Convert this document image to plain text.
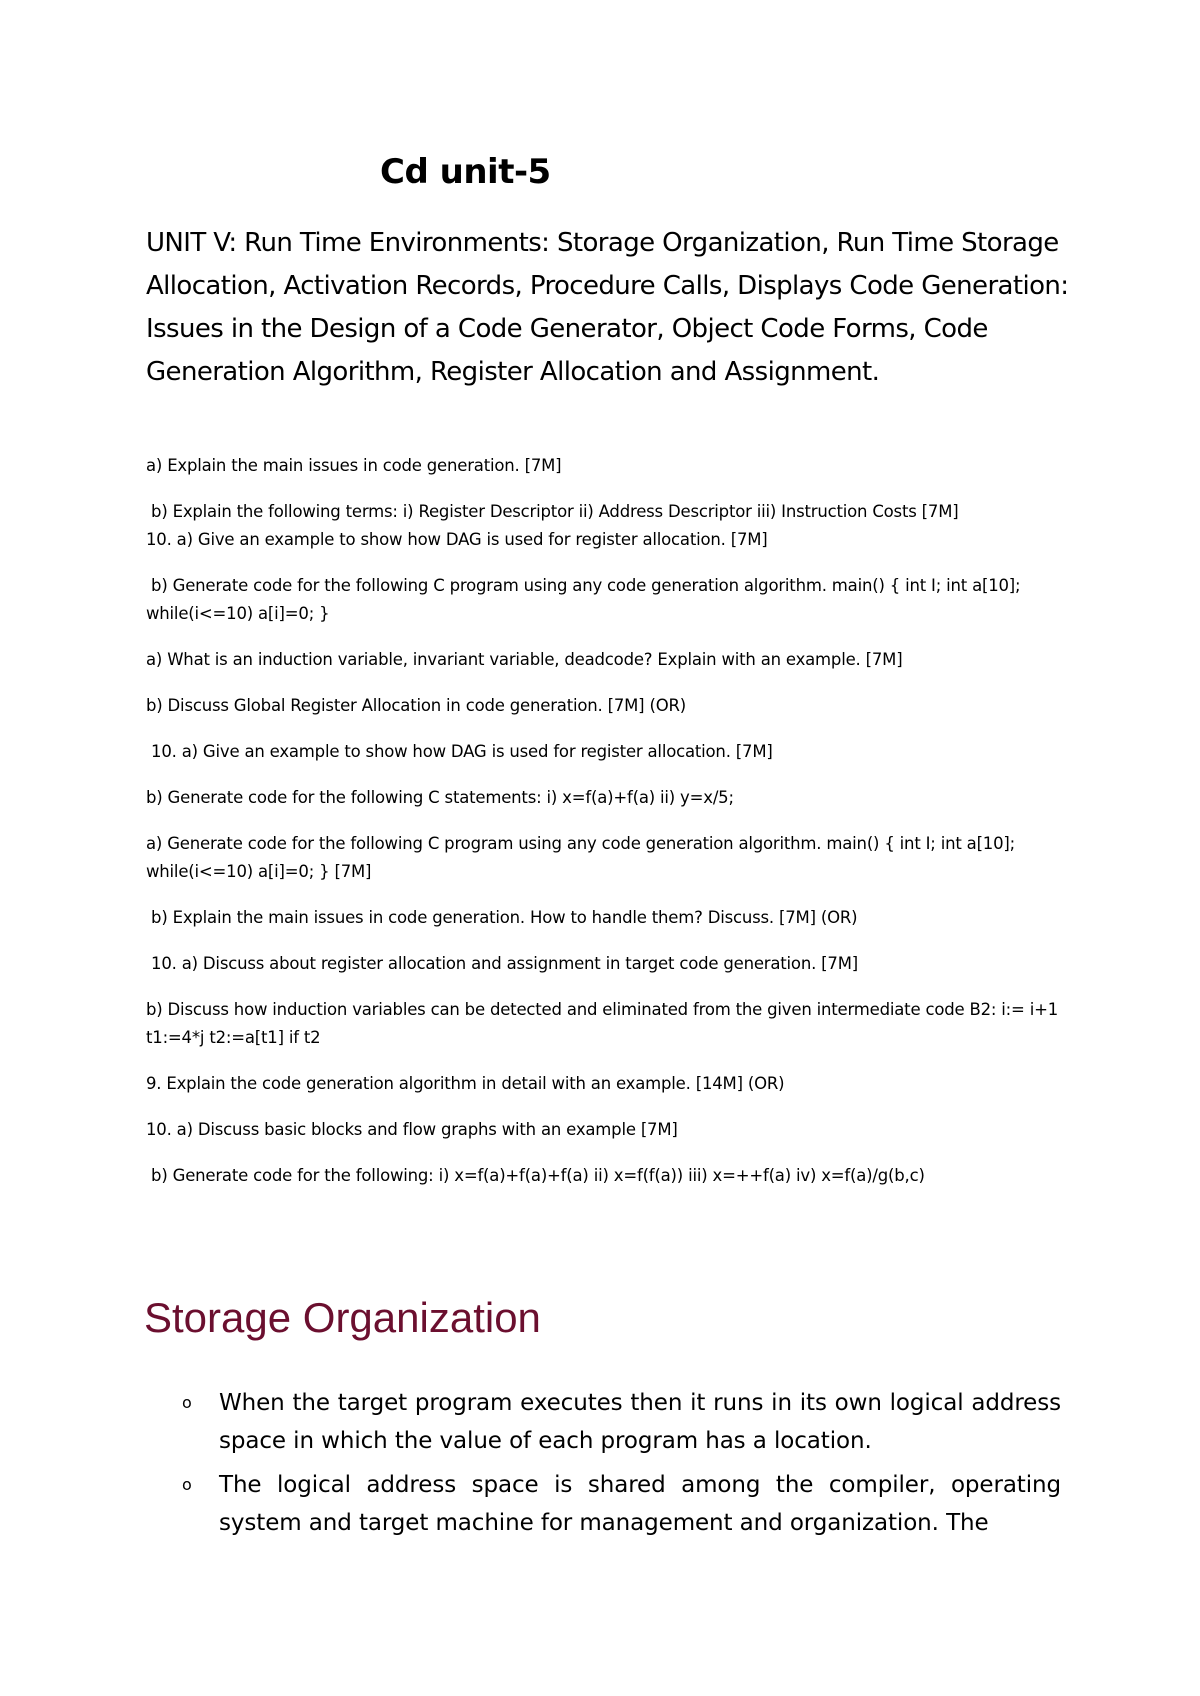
Cd unit-5
UNIT V: Run Time Environments: Storage Organization, Run Time Storage Allocation, Activation Records, Procedure Calls, Displays Code Generation: Issues in the Design of a Code Generator, Object Code Forms, Code Generation Algorithm, Register Allocation and Assignment.
a) Explain the main issues in code generation. [7M]
b) Explain the following terms: i) Register Descriptor ii) Address Descriptor iii) Instruction Costs [7M]
10. a) Give an example to show how DAG is used for register allocation. [7M]
b) Generate code for the following C program using any code generation algorithm. main() { int I; int a[10]; while(i<=10) a[i]=0; }
a) What is an induction variable, invariant variable, deadcode? Explain with an example. [7M]
b) Discuss Global Register Allocation in code generation. [7M] (OR)
10. a) Give an example to show how DAG is used for register allocation. [7M]
b) Generate code for the following C statements: i) x=f(a)+f(a) ii) y=x/5;
a) Generate code for the following C program using any code generation algorithm. main() { int I; int a[10]; while(i<=10) a[i]=0; } [7M]
b) Explain the main issues in code generation. How to handle them? Discuss. [7M] (OR)
10. a) Discuss about register allocation and assignment in target code generation. [7M]
b) Discuss how induction variables can be detected and eliminated from the given intermediate code B2: i:= i+1 t1:=4*j t2:=a[t1] if t2
9. Explain the code generation algorithm in detail with an example. [14M] (OR)
10. a) Discuss basic blocks and flow graphs with an example [7M]
b) Generate code for the following: i) x=f(a)+f(a)+f(a) ii) x=f(f(a)) iii) x=++f(a) iv) x=f(a)/g(b,c)
Storage Organization
o When the target program executes then it runs in its own logical address space in which the value of each program has a location.
o The logical address space is shared among the compiler, operating system and target machine for management and organization. The
